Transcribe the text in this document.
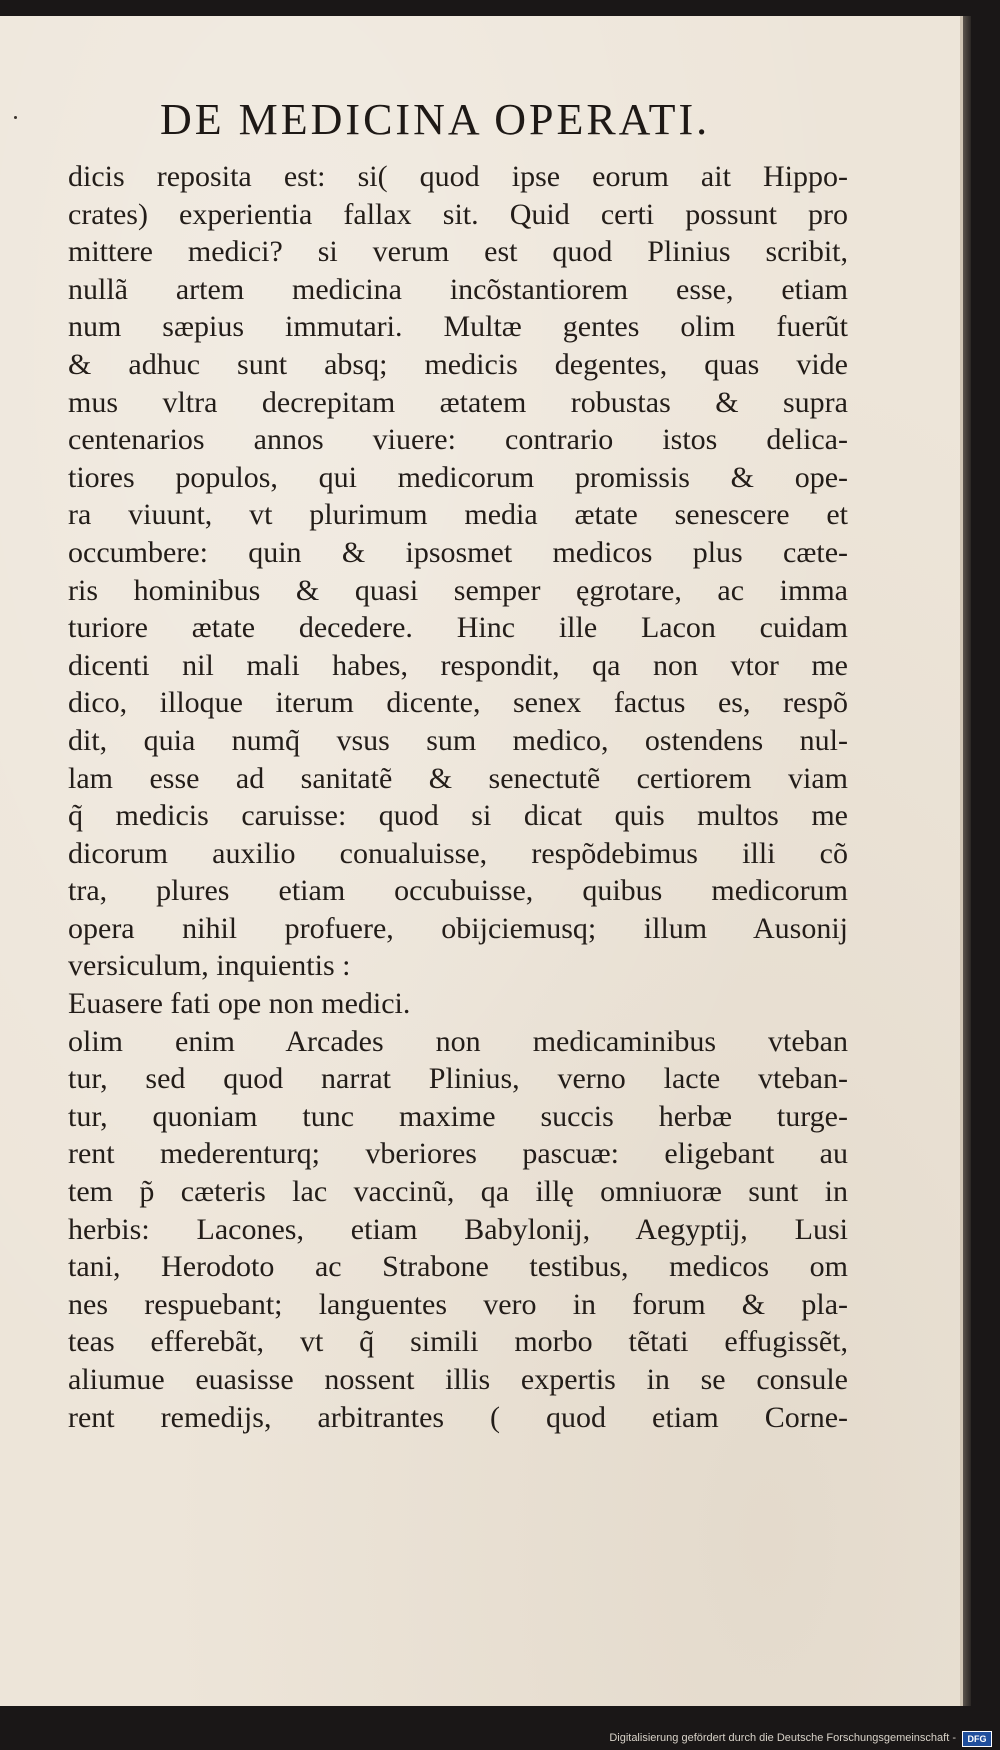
DE MEDICINA OPERATI.
dicis reposita est: si( quod ipse eorum ait Hippo-
crates) experientia fallax sit. Quid certi possunt pro
mittere medici? si verum est quod Plinius scribit,
nullã artem medicina incõstantiorem esse, etiam
num sæpius immutari. Multæ gentes olim fuerũt
& adhuc sunt absq; medicis degentes, quas vide
mus vltra decrepitam ætatem robustas & supra
centenarios annos viuere: contrario istos delica-
tiores populos, qui medicorum promissis & ope-
ra viuunt, vt plurimum media ætate senescere et
occumbere: quin & ipsosmet medicos plus cæte-
ris hominibus & quasi semper ęgrotare, ac imma
turiore ætate decedere. Hinc ille Lacon cuidam
dicenti nil mali habes, respondit, qa non vtor me
dico, illoque iterum dicente, senex factus es, respõ
dit, quia numq̃ vsus sum medico, ostendens nul-
lam esse ad sanitatẽ & senectutẽ certiorem viam
q̃ medicis caruisse: quod si dicat quis multos me
dicorum auxilio conualuisse, respõdebimus illi cõ
tra, plures etiam occubuisse, quibus medicorum
opera nihil profuere, obijciemusq; illum Ausonij
versiculum, inquientis :
Euasere fati ope non medici.
olim enim Arcades non medicaminibus vteban
tur, sed quod narrat Plinius, verno lacte vteban-
tur, quoniam tunc maxime succis herbæ turge-
rent mederenturq; vberiores pascuæ: eligebant au
tem p̃ cæteris lac vaccinũ, qa illę omniuoræ sunt in
herbis: Lacones, etiam Babylonij, Aegyptij, Lusi
tani, Herodoto ac Strabone testibus, medicos om
nes respuebant; languentes vero in forum & pla-
teas efferebãt, vt q̃ simili morbo tẽtati effugissẽt,
aliumue euasisse nossent illis expertis in se consule
rent remedijs, arbitrantes ( quod etiam Corne-
Digitalisierung gefördert durch die Deutsche Forschungsgemeinschaft -	DFG
